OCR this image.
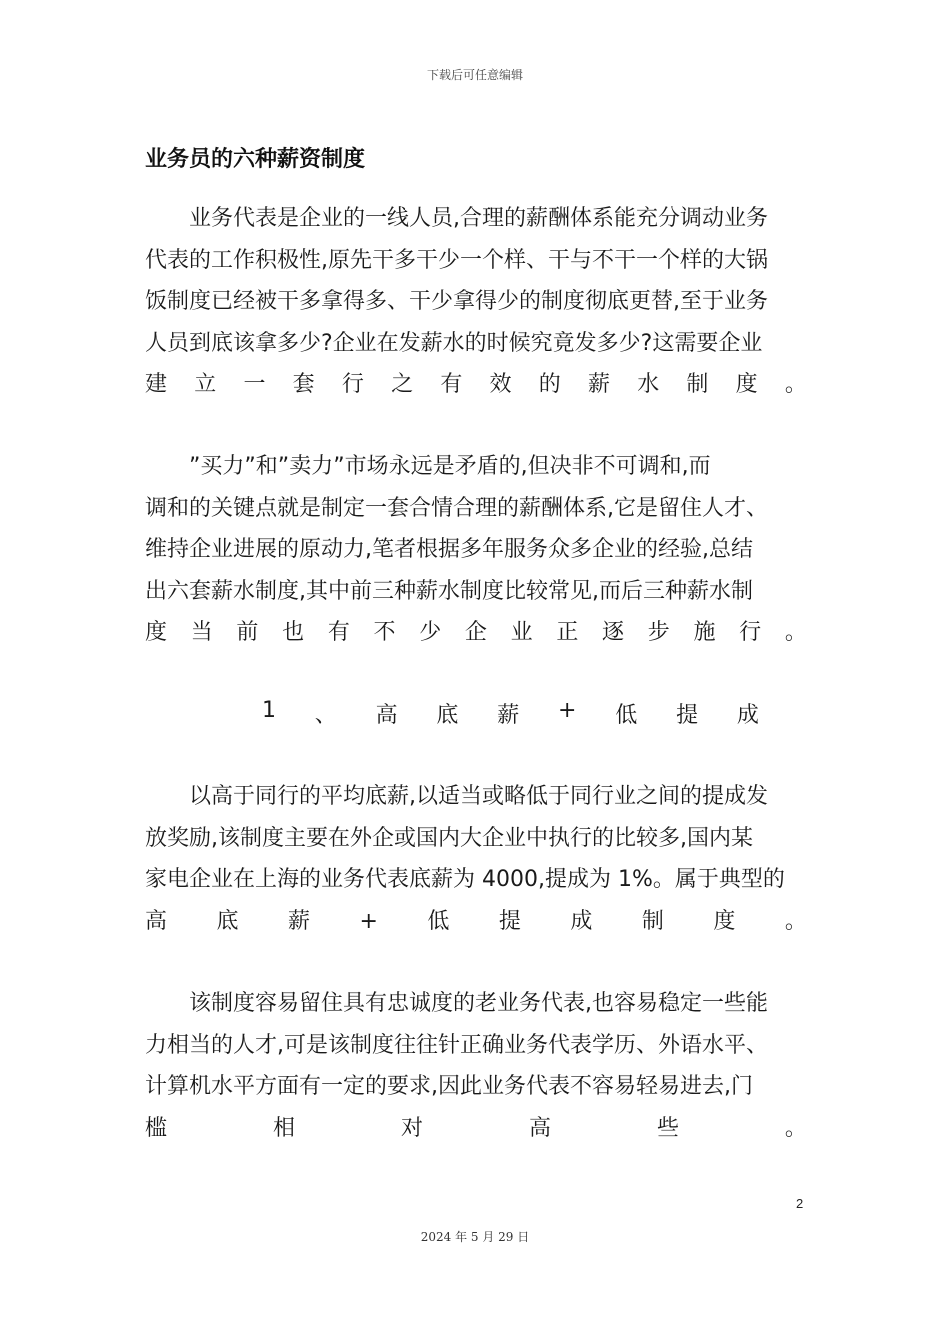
下载后可任意编辑
业务员的六种薪资制度

业务代表是企业的一线人员,合理的薪酬体系能充分调动业务

代表的工作积极性,原先干多干少一个样、干与不干一个样的大锅

饭制度已经被干多拿得多、干少拿得少的制度彻底更替,至于业务

人员到底该拿多少?企业在发薪水的时候究竟发多少?这需要企业

建 立 一 套 行 之 有 效 的 薪 水 制 度 。

”买力”和”卖力”市场永远是矛盾的,但决非不可调和,而

调和的关键点就是制定一套合情合理的薪酬体系,它是留住人才、

维持企业进展的原动力,笔者根据多年服务众多企业的经验,总结

出六套薪水制度,其中前三种薪水制度比较常见,而后三种薪水制

度 当 前 也 有 不 少 企 业 正 逐 步 施 行 。

1 、 高 底 薪 + 低 提 成

以高于同行的平均底薪,以适当或略低于同行业之间的提成发

放奖励,该制度主要在外企或国内大企业中执行的比较多,国内某

家电企业在上海的业务代表底薪为 4000,提成为 1%。属于典型的

高 底 薪 + 低 提 成 制 度 。

该制度容易留住具有忠诚度的老业务代表,也容易稳定一些能

力相当的人才,可是该制度往往针正确业务代表学历、外语水平、

计算机水平方面有一定的要求,因此业务代表不容易轻易进去,门

槛	相	对	高	些	。

2
2024 年 5 月 29 日
